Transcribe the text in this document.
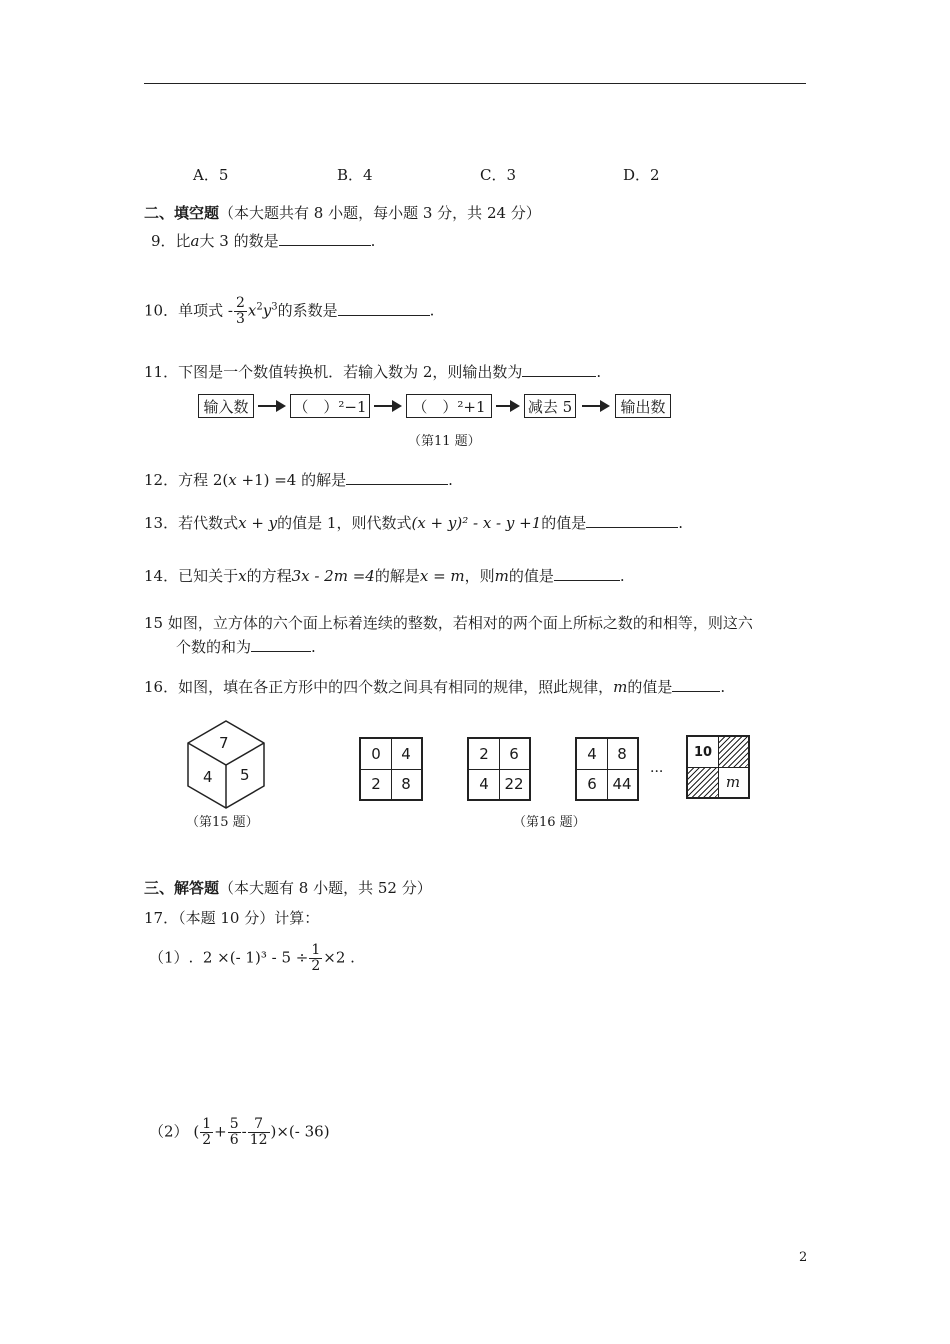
A．5	B．4	C．3	D．2
二、填空题（本大题共有 8 小题，每小题 3 分，共 24 分）
9．比a大 3 的数是	.
10．单项式 - $\frac{2}{3} x^2y^3$的系数是	.
11．下图是一个数值转换机．若输入数为 2，则输出数为	.
输入数	（　）²−1	（　）²+1	减去 5	输出数
（第11 题）
12．方程 2(x +1) =4 的解是	.
13．若代数式x + y的值是 1，则代数式(x + y)² - x - y +1的值是	.
14．已知关于x的方程3x - 2m =4的解是x = m，则m的值是	.
15 如图，立方体的六个面上标着连续的整数，若相对的两个面上所标之数的和相等，则这六
个数的和为	.
16．如图，填在各正方形中的四个数之间具有相同的规律，照此规律，m的值是	.
7
4 5
（第15 题）
0	4
2	8
2	6
4	22
4	8
6	44
···
10
m
（第16 题）
三、解答题（本大题有 8 小题，共 52 分）
17．（本题 10 分）计算：
（1）. 2 ×(- $1)^3 - 5 \div \frac{1}{2} \times 2$ .
（2） ( $\frac{1}{2} + \frac{5}{6} - \frac{7}{12}$ )×(- 36)
2
